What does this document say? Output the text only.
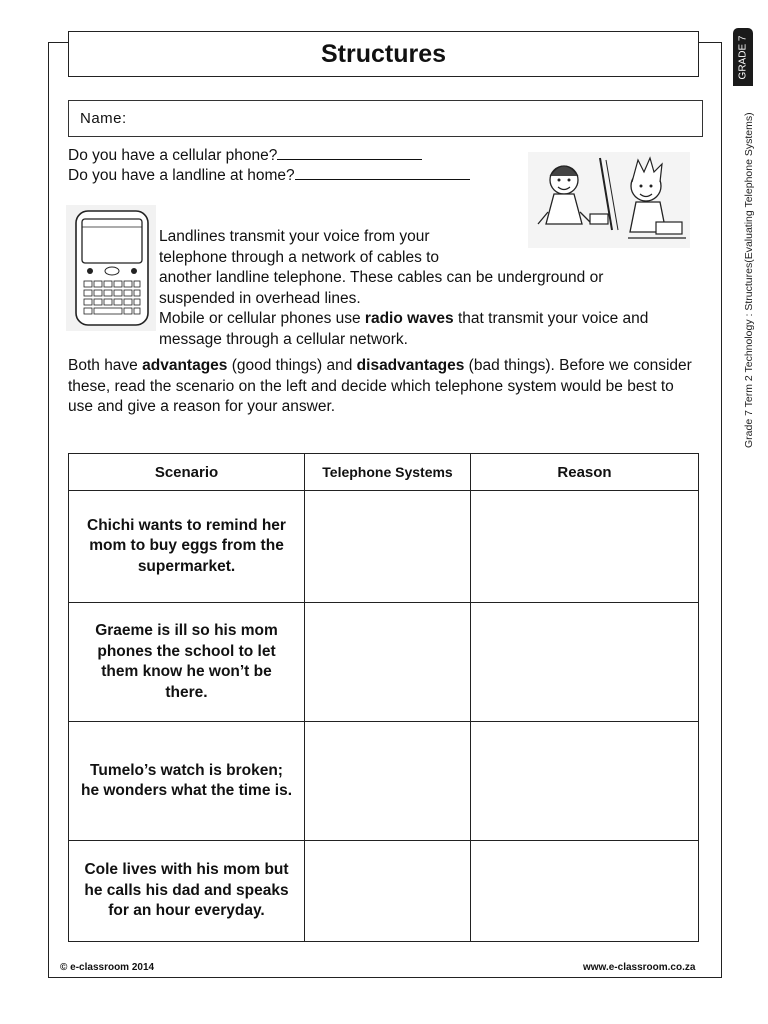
Structures
Name:
Do you have a cellular phone?
Do you have a landline at home?
Landlines transmit your voice from your
telephone through a network of cables to
another landline telephone. These cables can be underground or
suspended in overhead lines.
Mobile or cellular phones use radio waves that transmit your voice and
message through a cellular network.
Both have advantages (good things) and disadvantages (bad things). Before we consider these, read the scenario on the left and decide which telephone system would be best to use and give a reason for your answer.
Scenario	Telephone Systems	Reason
Chichi wants to remind her mom to buy eggs from the supermarket.		
Graeme is ill so his mom phones the school to let them know he won’t be there.		
Tumelo’s watch is broken; he wonders what the time is.		
Cole lives with his mom but he calls his dad and speaks for an hour everyday.		
GRADE 7
Grade 7 Term 2 Technology : Structures(Evaluating Telephone Systems)
© e-classroom 2014	www.e-classroom.co.za
